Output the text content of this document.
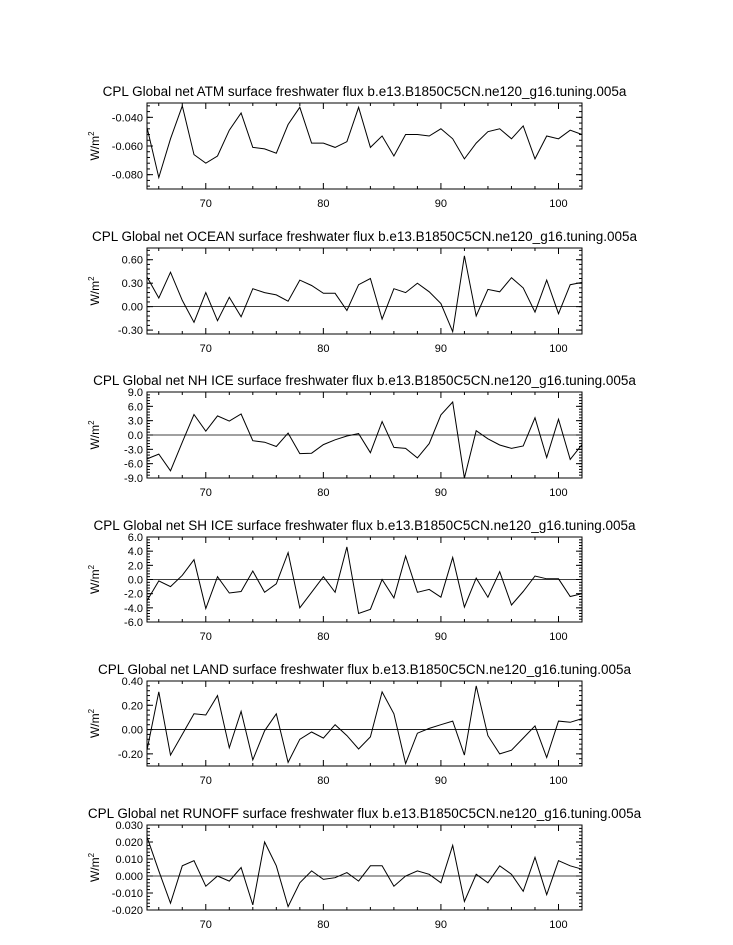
CPL Global net ATM surface freshwater flux b.e13.B1850C5CN.ne120_g16.tuning.005a
70	80	90	100
-0.040
-0.060
-0.080
$W/m^2$
CPL Global net OCEAN surface freshwater flux b.e13.B1850C5CN.ne120_g16.tuning.005a
70	80	90	100
0.60
0.30
0.00
-0.30
$W/m^2$
CPL Global net NH ICE surface freshwater flux b.e13.B1850C5CN.ne120_g16.tuning.005a
70	80	90	100
9.0
6.0
3.0
0.0
-3.0
-6.0
-9.0
$W/m^2$
CPL Global net SH ICE surface freshwater flux b.e13.B1850C5CN.ne120_g16.tuning.005a
70	80	90	100
6.0
4.0
2.0
0.0
-2.0
-4.0
-6.0
$W/m^2$
CPL Global net LAND surface freshwater flux b.e13.B1850C5CN.ne120_g16.tuning.005a
70	80	90	100
0.40
0.20
0.00
-0.20
$W/m^2$
CPL Global net RUNOFF surface freshwater flux b.e13.B1850C5CN.ne120_g16.tuning.005a
70	80	90	100
0.030
0.020
0.010
0.000
-0.010
-0.020
$W/m^2$
